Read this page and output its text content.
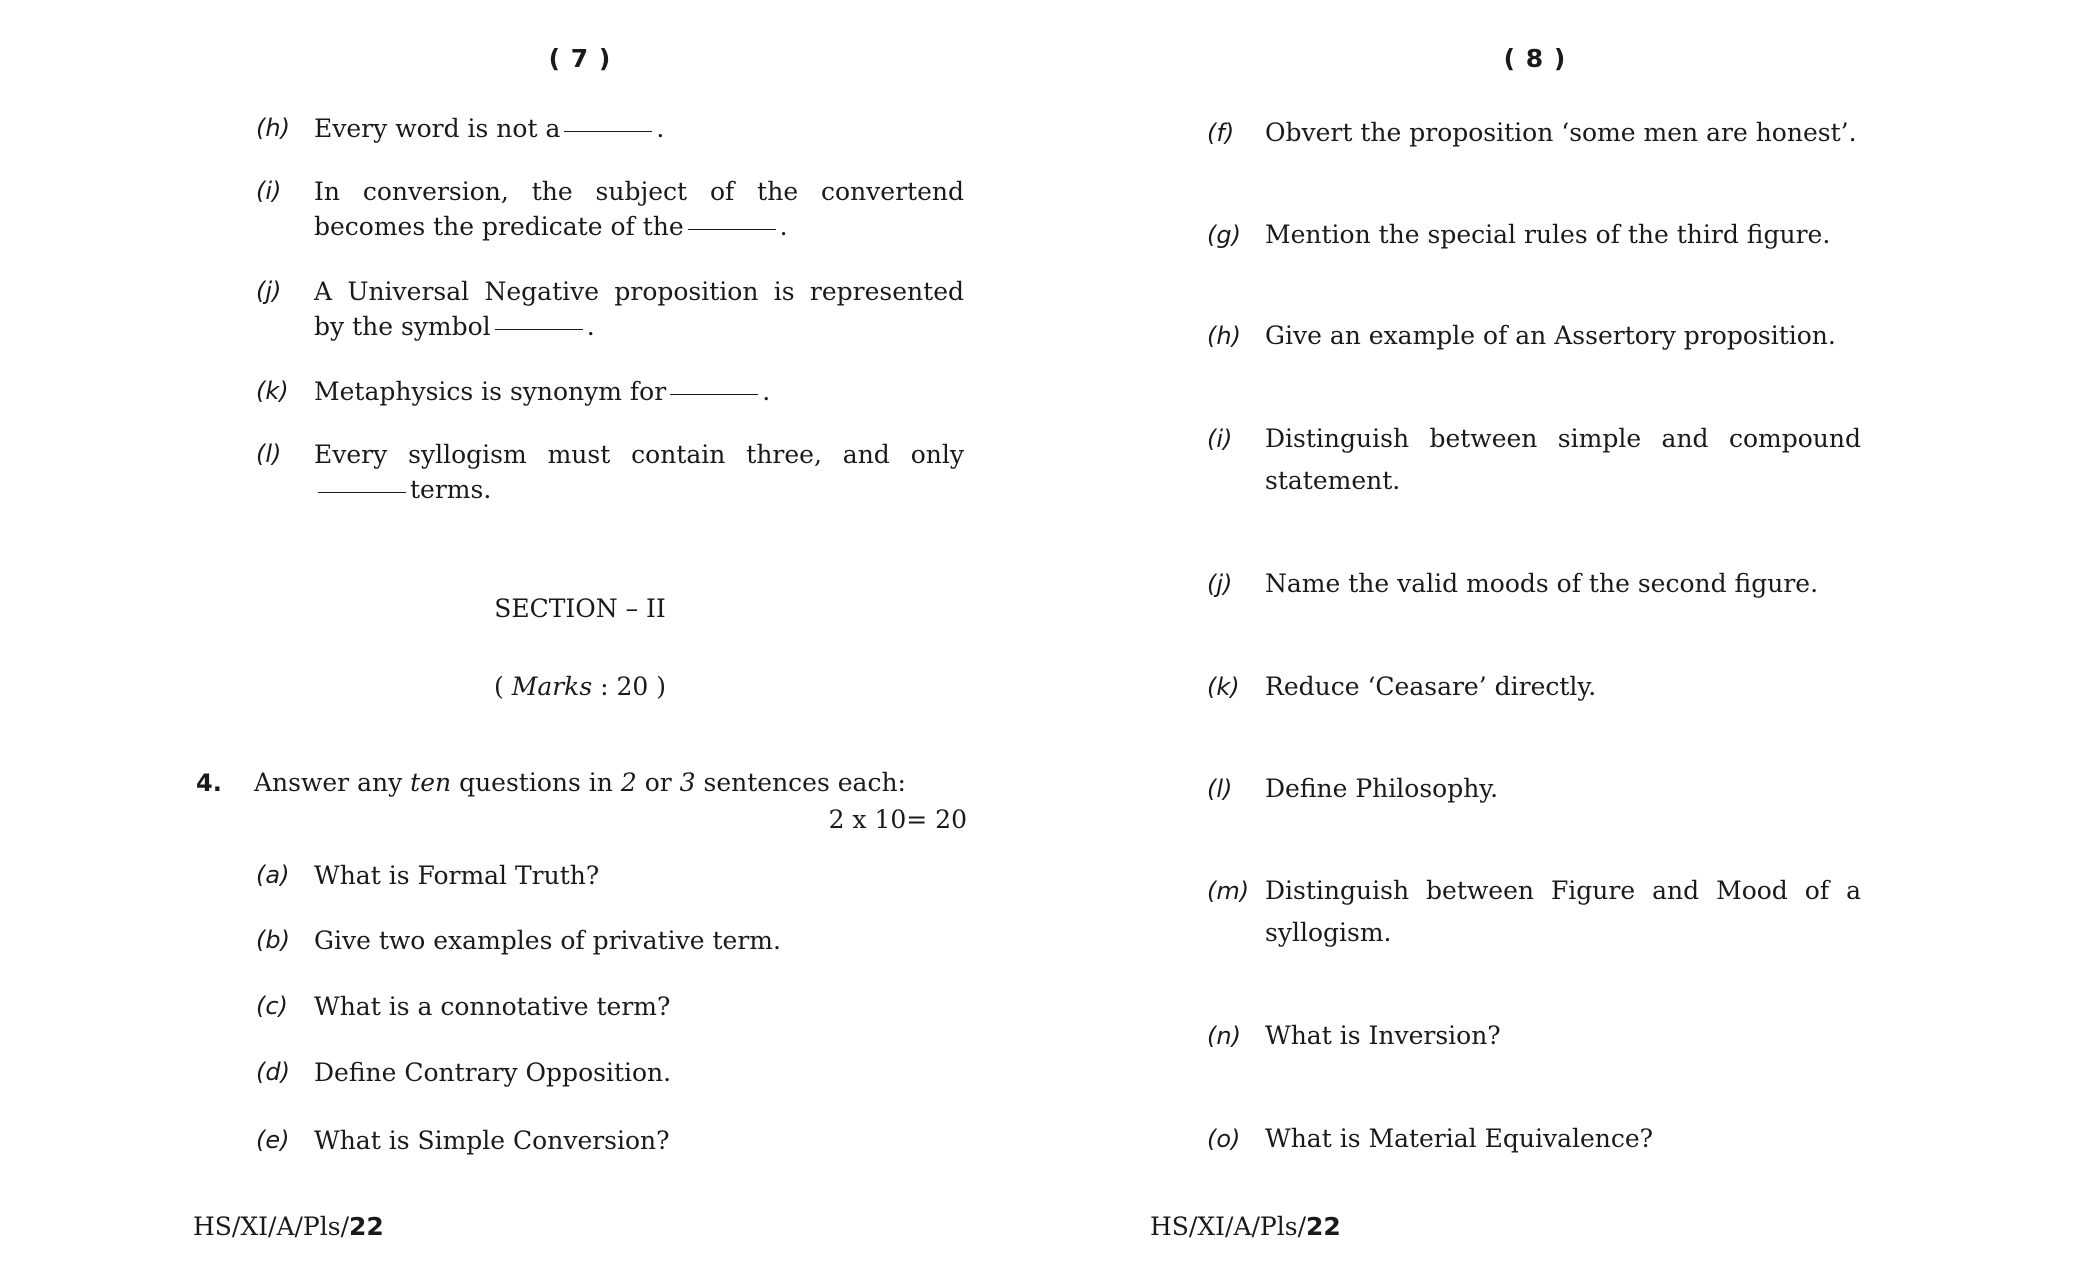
( 7 )
(h) Every word is not a	.
(i) In conversion, the subject of the convertend becomes the predicate of the	.
(j) A Universal Negative proposition is represented by the symbol	.
(k) Metaphysics is synonym for	.
(l) Every syllogism must contain three, and onlyterms.
SECTION – II
( Marks : 20 )
4. Answer any ten questions in 2 or 3 sentences each:
2 x 10= 20
(a) What is Formal Truth?
(b) Give two examples of privative term.
(c) What is a connotative term?
(d) Define Contrary Opposition.
(e) What is Simple Conversion?
HS/XI/A/Pls/22
( 8 )
(f) Obvert the proposition ‘some men are honest’.
(g) Mention the special rules of the third figure.
(h) Give an example of an Assertory proposition.
(i) Distinguish between simple and compound statement.
(j) Name the valid moods of the second figure.
(k) Reduce ‘Ceasare’ directly.
(l) Define Philosophy.
(m) Distinguish between Figure and Mood of a syllogism.
(n) What is Inversion?
(o) What is Material Equivalence?
HS/XI/A/Pls/22
